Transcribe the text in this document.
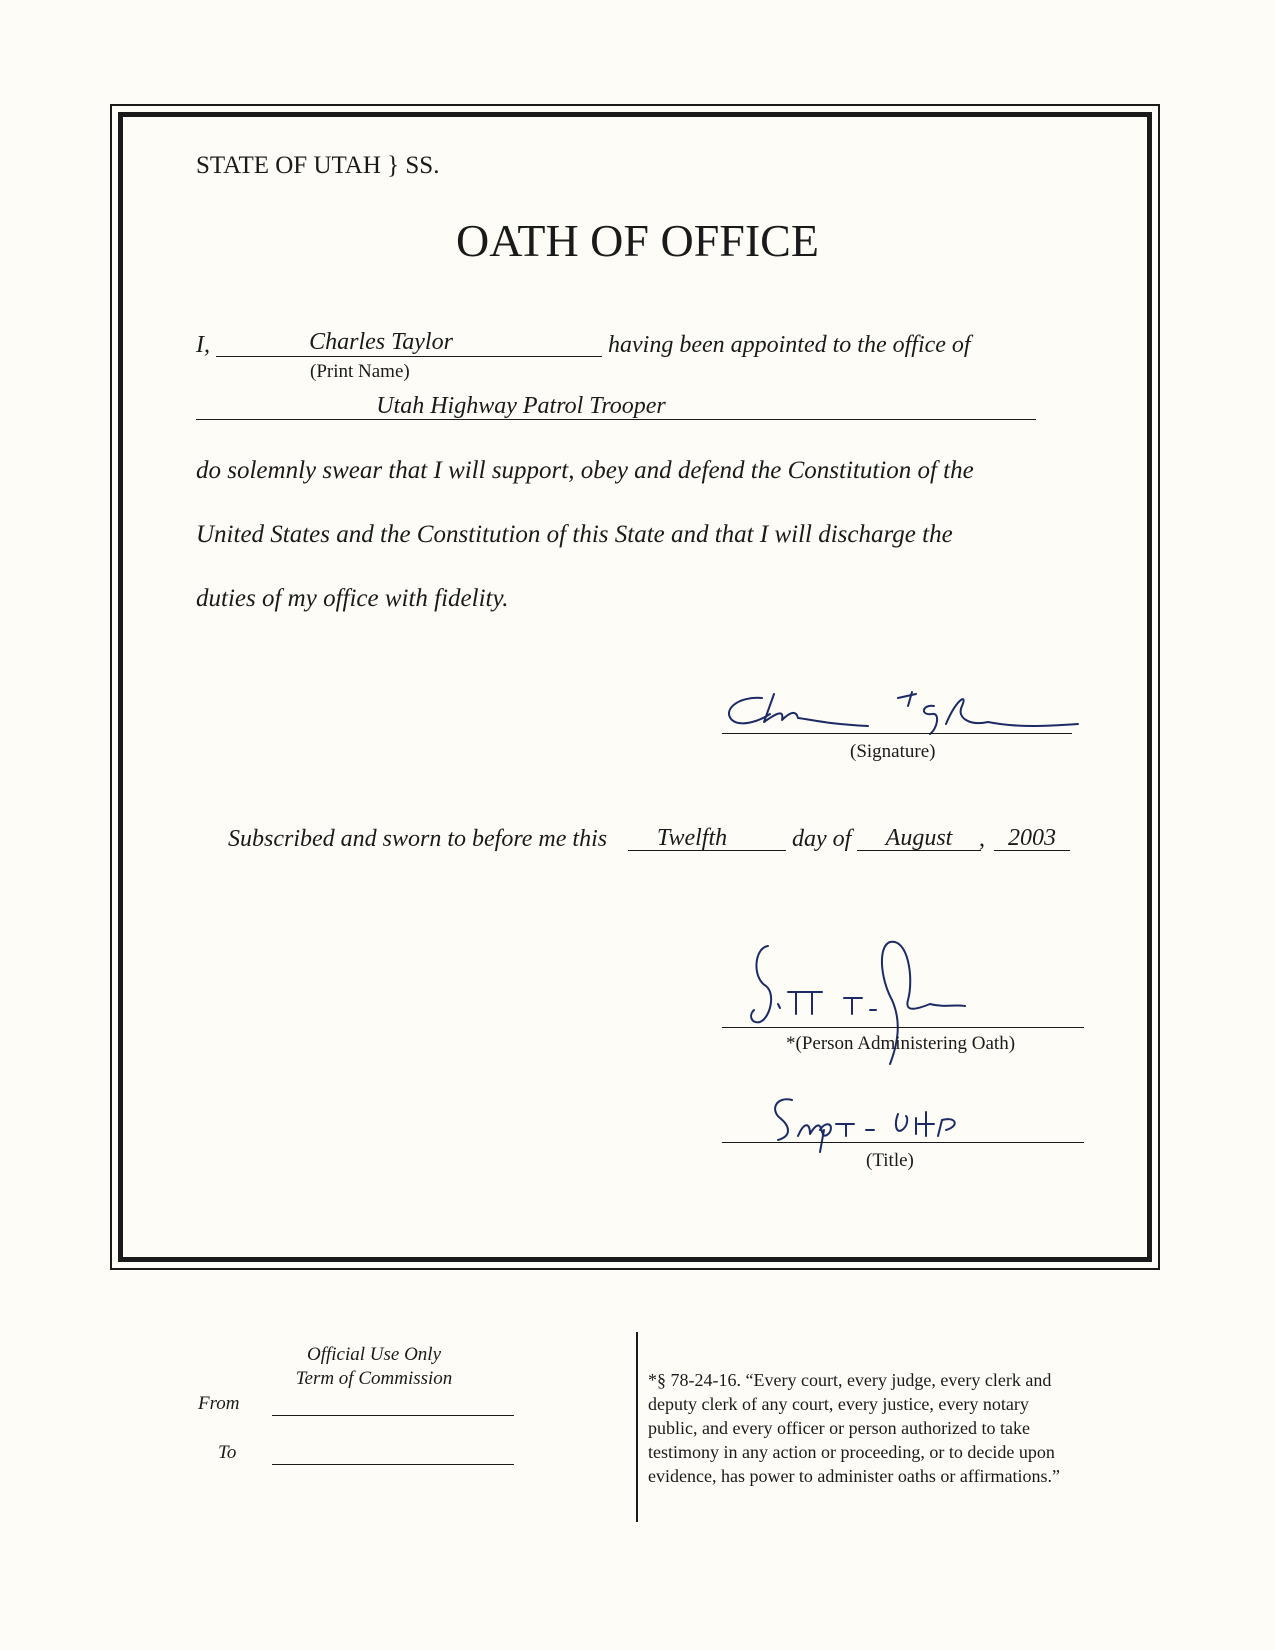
STATE OF UTAH } SS.
OATH OF OFFICE
I,	Charles Taylor	having been appointed to the office of
(Print Name)
Utah Highway Patrol Trooper
do solemnly swear that I will support, obey and defend the Constitution of the
United States and the Constitution of this State and that I will discharge the
duties of my office with fidelity.
(Signature)
Subscribed and sworn to before me this	Twelfth	day of	August	, 2003
*(Person Administering Oath)
(Title)
Official Use Only
Term of Commission
From
To
*§ 78-24-16. “Every court, every judge, every clerk and
deputy clerk of any court, every justice, every notary
public, and every officer or person authorized to take
testimony in any action or proceeding, or to decide upon
evidence, has power to administer oaths or affirmations.”
